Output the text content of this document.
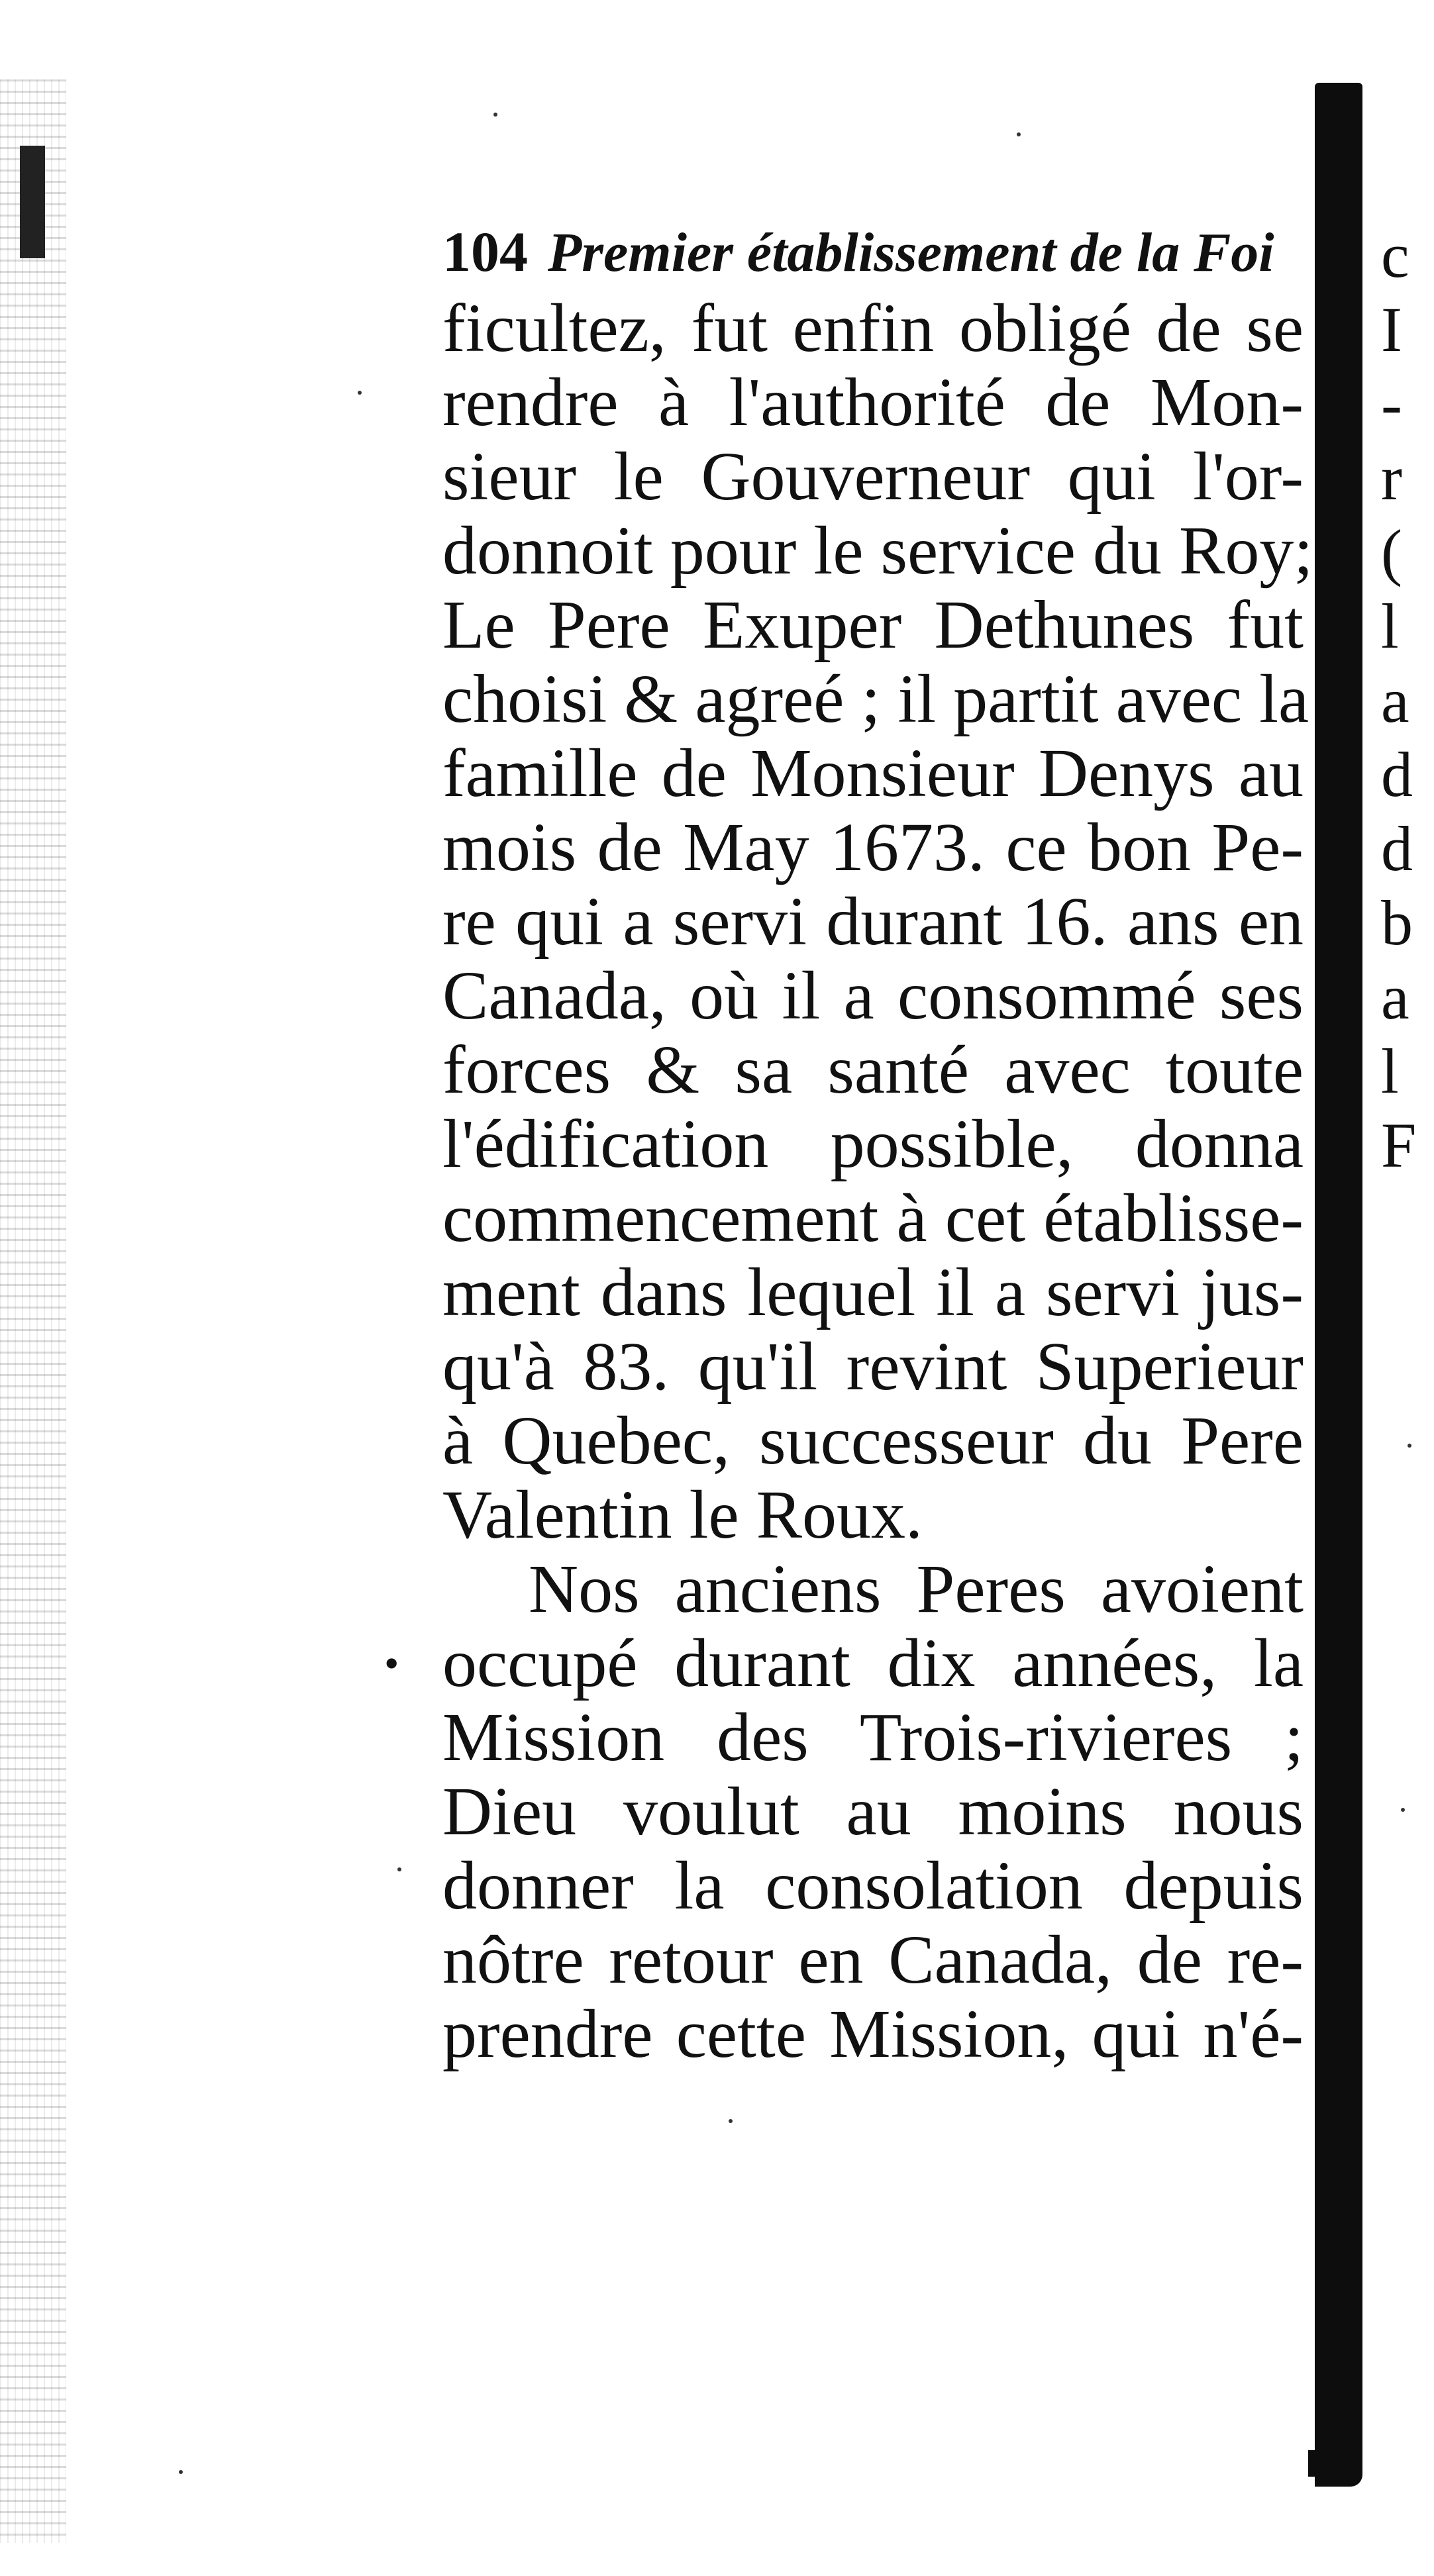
104 Premier établissement de la Foi
ficultez, fut enfin obligé de se
rendre à l'authorité de Mon-
sieur le Gouverneur qui l'or-
donnoit pour le service du Roy;
Le Pere Exuper Dethunes fut
choisi & agreé ; il partit avec la
famille de Monsieur Denys au
mois de May 1673. ce bon Pe-
re qui a servi durant 16. ans en
Canada, où il a consommé ses
forces & sa santé avec toute
l'édification possible, donna
commencement à cet établisse-
ment dans lequel il a servi jus-
qu'à 83. qu'il revint Superieur
à Quebec, successeur du Pere
Valentin le Roux.
Nos anciens Peres avoient
occupé durant dix années, la
Mission des Trois-rivieres ;
Dieu voulut au moins nous
donner la consolation depuis
nôtre retour en Canada, de re-
prendre cette Mission, qui n'é-
•
c
I
-
r
(
l
a
d
d
b
a
l
F
